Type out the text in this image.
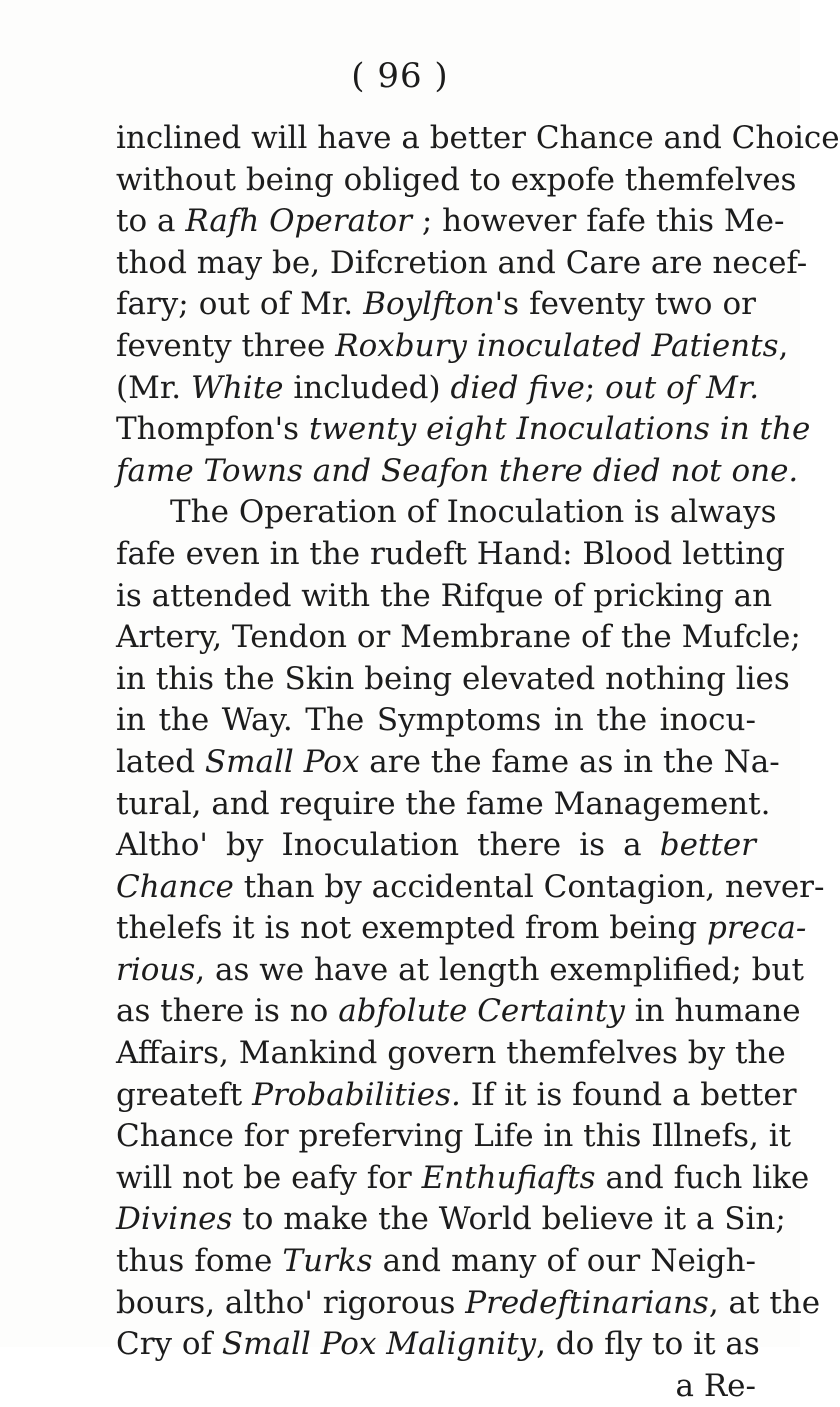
( 96 )
inclined will have a better Chance and Choice
without being obliged to expofe themfelves
to a Rafh Operator ; however fafe this Me-
thod may be, Difcretion and Care are necef-
fary; out of Mr. Boylfton's feventy two or
feventy three Roxbury inoculated Patients,
(Mr. White included) died five; out of Mr.
Thompfon's twenty eight Inoculations in the
fame Towns and Seafon there died not one.
The Operation of Inoculation is always
fafe even in the rudeft Hand: Blood letting
is attended with the Rifque of pricking an
Artery, Tendon or Membrane of the Mufcle;
in this the Skin being elevated nothing lies
in the Way. The Symptoms in the inocu-
lated Small Pox are the fame as in the Na-
tural, and require the fame Management.
Altho' by Inoculation there is a better
Chance than by accidental Contagion, never-
thelefs it is not exempted from being preca-
rious, as we have at length exemplified; but
as there is no abfolute Certainty in humane
Affairs, Mankind govern themfelves by the
greateft Probabilities. If it is found a better
Chance for preferving Life in this Illnefs, it
will not be eafy for Enthufiafts and fuch like
Divines to make the World believe it a Sin;
thus fome Turks and many of our Neigh-
bours, altho' rigorous Predeftinarians, at the
Cry of Small Pox Malignity, do fly to it as
a Re-
